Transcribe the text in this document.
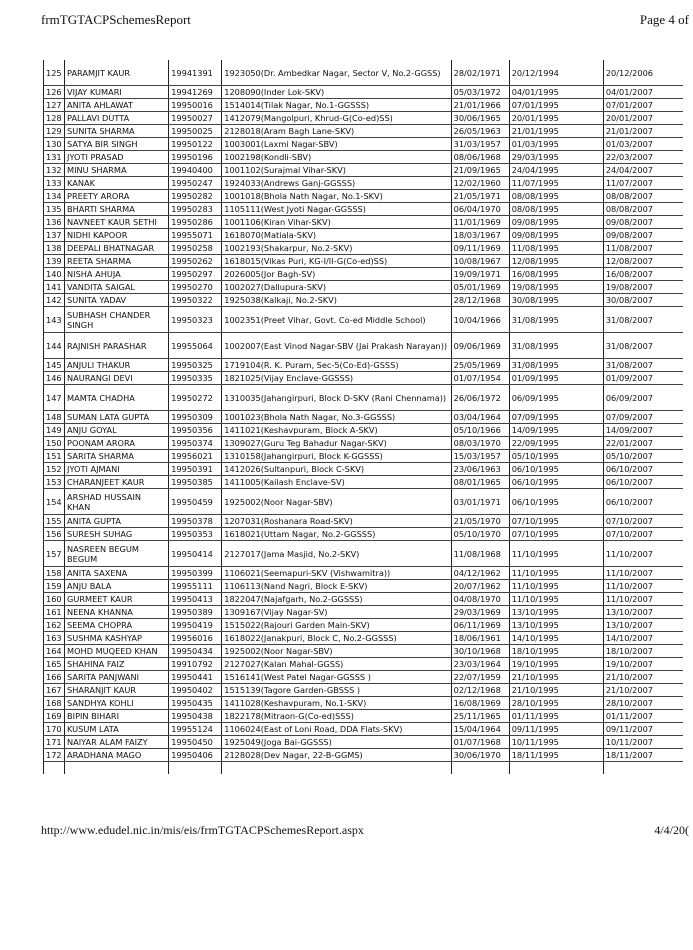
frmTGTACPSchemesReport	Page 4 of
125	PARAMJIT KAUR	19941391	1923050(Dr. Ambedkar Nagar, Sector V, No.2-GGSS)	28/02/1971	20/12/1994	20/12/2006
126	VIJAY KUMARI	19941269	1208090(Inder Lok-SKV)	05/03/1972	04/01/1995	04/01/2007
127	ANITA AHLAWAT	19950016	1514014(Tilak Nagar, No.1-GGSSS)	21/01/1966	07/01/1995	07/01/2007
128	PALLAVI DUTTA	19950027	1412079(Mangolpuri, Khrud-G(Co-ed)SS)	30/06/1965	20/01/1995	20/01/2007
129	SUNITA SHARMA	19950025	2128018(Aram Bagh Lane-SKV)	26/05/1963	21/01/1995	21/01/2007
130	SATYA BIR SINGH	19950122	1003001(Laxmi Nagar-SBV)	31/03/1957	01/03/1995	01/03/2007
131	JYOTI PRASAD	19950196	1002198(Kondli-SBV)	08/06/1968	29/03/1995	22/03/2007
132	MINU SHARMA	19940400	1001102(Surajmal Vihar-SKV)	21/09/1965	24/04/1995	24/04/2007
133	KANAK	19950247	1924033(Andrews Ganj-GGSSS)	12/02/1960	11/07/1995	11/07/2007
134	PREETY ARORA	19950282	1001018(Bhola Nath Nagar, No.1-SKV)	21/05/1971	08/08/1995	08/08/2007
135	BHARTI SHARMA	19950283	1105111(West Jyoti Nagar-GGSSS)	06/04/1970	08/08/1995	08/08/2007
136	NAVNEET KAUR SETHI	19950286	1001106(Kiran Vihar-SKV)	11/01/1969	09/08/1995	09/08/2007
137	NIDHI KAPOOR	19955071	1618070(Matiala-SKV)	18/03/1967	09/08/1995	09/08/2007
138	DEEPALI BHATNAGAR	19950258	1002193(Shakarpur, No.2-SKV)	09/11/1969	11/08/1995	11/08/2007
139	REETA SHARMA	19950262	1618015(Vikas Puri, KG-I/II-G(Co-ed)SS)	10/08/1967	12/08/1995	12/08/2007
140	NISHA AHUJA	19950297	2026005(Jor Bagh-SV)	19/09/1971	16/08/1995	16/08/2007
141	VANDITA SAIGAL	19950270	1002027(Dallupura-SKV)	05/01/1969	19/08/1995	19/08/2007
142	SUNITA YADAV	19950322	1925038(Kalkaji, No.2-SKV)	28/12/1968	30/08/1995	30/08/2007
143	SUBHASH CHANDER SINGH	19950323	1002351(Preet Vihar, Govt. Co-ed Middle School)	10/04/1966	31/08/1995	31/08/2007
144	RAJNISH PARASHAR	19955064	1002007(East Vinod Nagar-SBV (Jai Prakash Narayan))	09/06/1969	31/08/1995	31/08/2007
145	ANJULI THAKUR	19950325	1719104(R. K. Puram, Sec-5(Co-Ed)-GSSS)	25/05/1969	31/08/1995	31/08/2007
146	NAURANGI DEVI	19950335	1821025(Vijay Enclave-GGSSS)	01/07/1954	01/09/1995	01/09/2007
147	MAMTA CHADHA	19950272	1310035(Jahangirpuri, Block D-SKV (Rani Chennama))	26/06/1972	06/09/1995	06/09/2007
148	SUMAN LATA GUPTA	19950309	1001023(Bhola Nath Nagar, No.3-GGSSS)	03/04/1964	07/09/1995	07/09/2007
149	ANJU GOYAL	19950356	1411021(Keshavpuram, Block A-SKV)	05/10/1966	14/09/1995	14/09/2007
150	POONAM ARORA	19950374	1309027(Guru Teg Bahadur Nagar-SKV)	08/03/1970	22/09/1995	22/01/2007
151	SARITA SHARMA	19956021	1310158(Jahangirpuri, Block K-GGSSS)	15/03/1957	05/10/1995	05/10/2007
152	JYOTI AJMANI	19950391	1412026(Sultanpuri, Block C-SKV)	23/06/1963	06/10/1995	06/10/2007
153	CHARANJEET KAUR	19950385	1411005(Kailash Enclave-SV)	08/01/1965	06/10/1995	06/10/2007
154	ARSHAD HUSSAIN KHAN	19950459	1925002(Noor Nagar-SBV)	03/01/1971	06/10/1995	06/10/2007
155	ANITA GUPTA	19950378	1207031(Roshanara Road-SKV)	21/05/1970	07/10/1995	07/10/2007
156	SURESH SUHAG	19950353	1618021(Uttam Nagar, No.2-GGSSS)	05/10/1970	07/10/1995	07/10/2007
157	NASREEN BEGUM BEGUM	19950414	2127017(Jama Masjid, No.2-SKV)	11/08/1968	11/10/1995	11/10/2007
158	ANITA SAXENA	19950399	1106021(Seemapuri-SKV (Vishwamitra))	04/12/1962	11/10/1995	11/10/2007
159	ANJU BALA	19955111	1106113(Nand Nagri, Block E-SKV)	20/07/1962	11/10/1995	11/10/2007
160	GURMEET KAUR	19950413	1822047(Najafgarh, No.2-GGSSS)	04/08/1970	11/10/1995	11/10/2007
161	NEENA KHANNA	19950389	1309167(Vijay Nagar-SV)	29/03/1969	13/10/1995	13/10/2007
162	SEEMA CHOPRA	19950419	1515022(Rajouri Garden Main-SKV)	06/11/1969	13/10/1995	13/10/2007
163	SUSHMA KASHYAP	19956016	1618022(Janakpuri, Block C, No.2-GGSSS)	18/06/1961	14/10/1995	14/10/2007
164	MOHD MUQEED KHAN	19950434	1925002(Noor Nagar-SBV)	30/10/1968	18/10/1995	18/10/2007
165	SHAHINA FAIZ	19910792	2127027(Kalan Mahal-GGSS)	23/03/1964	19/10/1995	19/10/2007
166	SARITA PANJWANI	19950441	1516141(West Patel Nagar-GGSSS )	22/07/1959	21/10/1995	21/10/2007
167	SHARANJIT KAUR	19950402	1515139(Tagore Garden-GBSSS )	02/12/1968	21/10/1995	21/10/2007
168	SANDHYA KOHLI	19950435	1411028(Keshavpuram, No.1-SKV)	16/08/1969	28/10/1995	28/10/2007
169	BIPIN BIHARI	19950438	1822178(Mitraon-G(Co-ed)SSS)	25/11/1965	01/11/1995	01/11/2007
170	KUSUM LATA	19955124	1106024(East of Loni Road, DDA Flats-SKV)	15/04/1964	09/11/1995	09/11/2007
171	NAIYAR ALAM FAIZY	19950450	1925049(Joga Bai-GGSSS)	01/07/1968	10/11/1995	10/11/2007
172	ARADHANA MAGO	19950406	2128028(Dev Nagar, 22-B-GGMS)	30/06/1970	18/11/1995	18/11/2007

http://www.edudel.nic.in/mis/eis/frmTGTACPSchemesReport.aspx	4/4/20(
